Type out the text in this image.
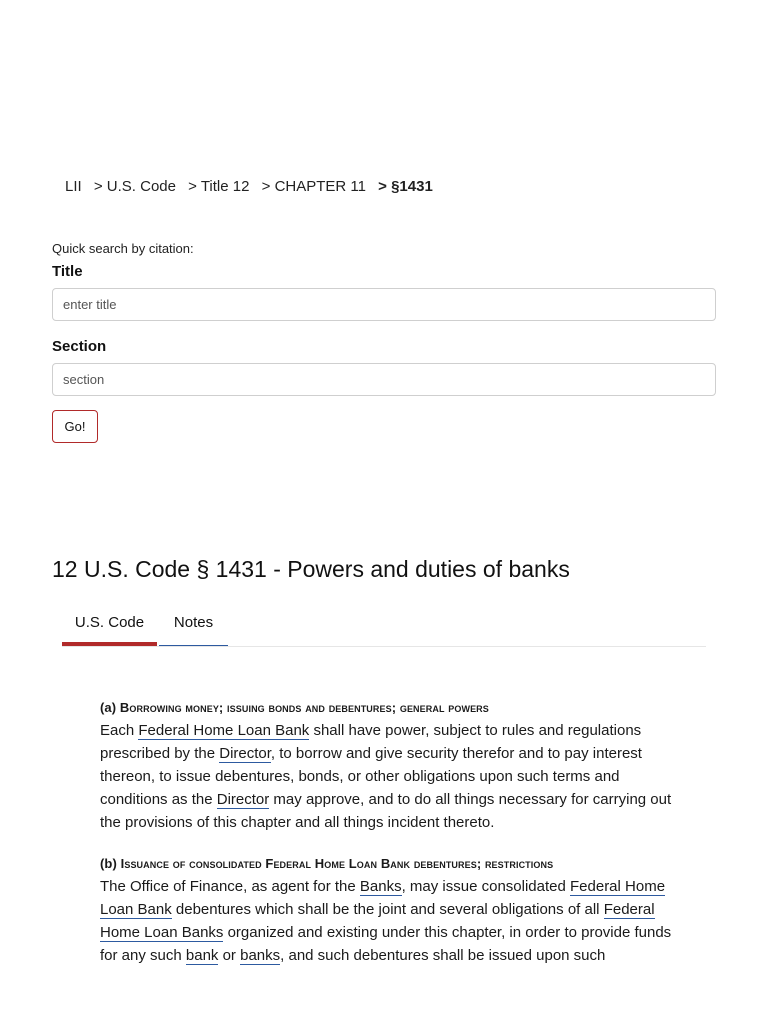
LII > U.S. Code > Title 12 > CHAPTER 11 > §1431
Quick search by citation:
Title
enter title
Section
section
Go!
12 U.S. Code § 1431 - Powers and duties of banks
U.S. Code	Notes
(a) Borrowing money; issuing bonds and debentures; general powers
Each Federal Home Loan Bank shall have power, subject to rules and regulations prescribed by the Director, to borrow and give security therefor and to pay interest thereon, to issue debentures, bonds, or other obligations upon such terms and conditions as the Director may approve, and to do all things necessary for carrying out the provisions of this chapter and all things incident thereto.
(b) Issuance of consolidated Federal Home Loan Bank debentures; restrictions
The Office of Finance, as agent for the Banks, may issue consolidated Federal Home Loan Bank debentures which shall be the joint and several obligations of all Federal Home Loan Banks organized and existing under this chapter, in order to provide funds for any such bank or banks, and such debentures shall be issued upon such
